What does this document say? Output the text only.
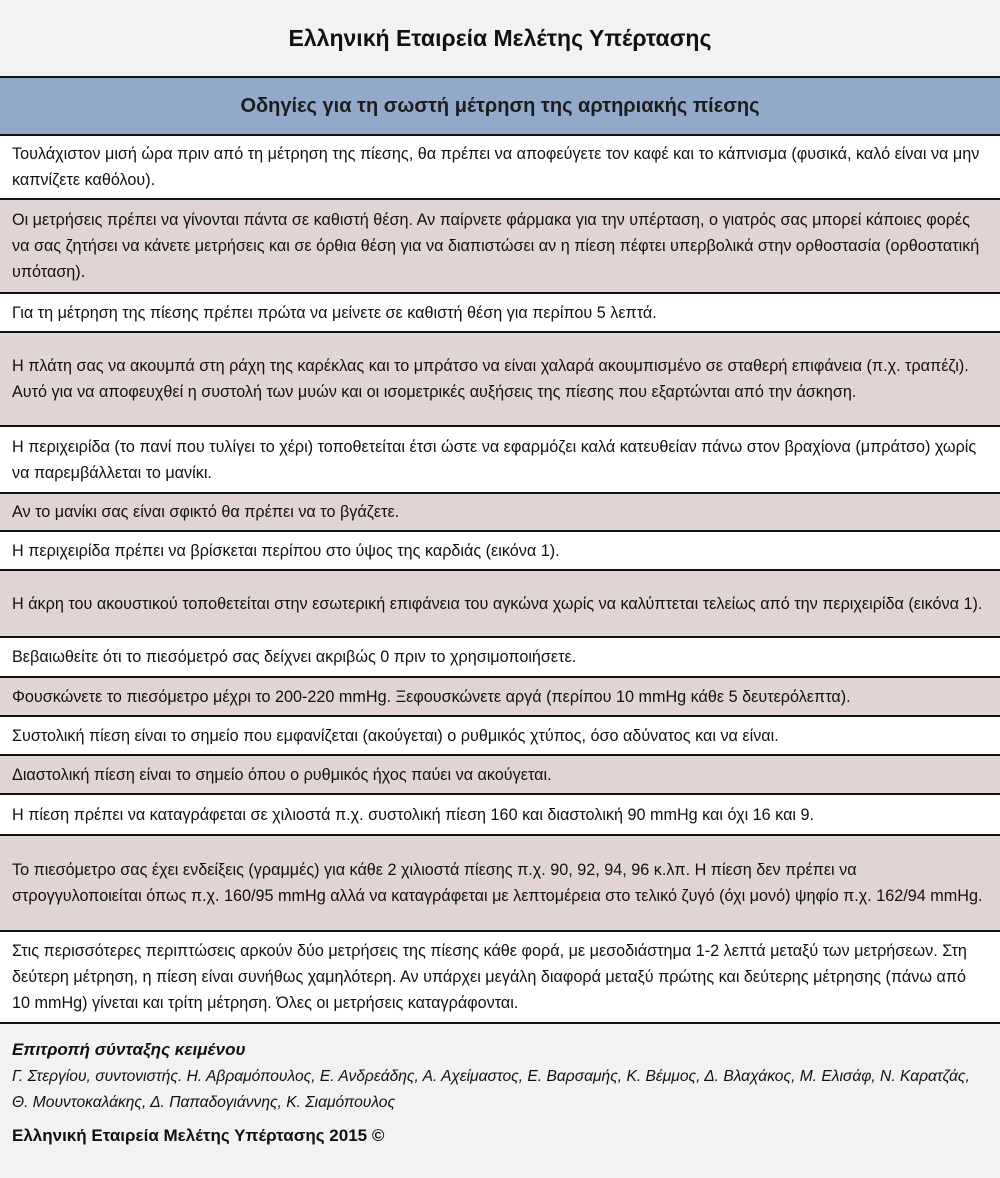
Ελληνική Εταιρεία Μελέτης Υπέρτασης
Οδηγίες για τη σωστή μέτρηση της αρτηριακής πίεσης
Τουλάχιστον μισή ώρα πριν από τη μέτρηση της πίεσης, θα πρέπει να αποφεύγετε τον καφέ και το κάπνισμα (φυσικά, καλό είναι να μην καπνίζετε καθόλου).
Οι μετρήσεις πρέπει να γίνονται πάντα σε καθιστή θέση. Αν παίρνετε φάρμακα για την υπέρταση, ο γιατρός σας μπορεί κάποιες φορές να σας ζητήσει να κάνετε μετρήσεις και σε όρθια θέση για να διαπιστώσει αν η πίεση πέφτει υπερβολικά στην ορθοστασία (ορθοστατική υπόταση).
Για τη μέτρηση της πίεσης πρέπει πρώτα να μείνετε σε καθιστή θέση για περίπου 5 λεπτά.
Η πλάτη σας να ακουμπά στη ράχη της καρέκλας και το μπράτσο να είναι χαλαρά ακουμπισμένο σε σταθερή επιφάνεια (π.χ. τραπέζι). Αυτό για να αποφευχθεί η συστολή των μυών και οι ισομετρικές αυξήσεις της πίεσης που εξαρτώνται από την άσκηση.
Η περιχειρίδα (το πανί που τυλίγει το χέρι) τοποθετείται έτσι ώστε να εφαρμόζει καλά κατευθείαν πάνω στον βραχίονα (μπράτσο) χωρίς να παρεμβάλλεται το μανίκι.
Αν το μανίκι σας είναι σφικτό θα πρέπει να το βγάζετε.
Η περιχειρίδα πρέπει να βρίσκεται περίπου στο ύψος της καρδιάς (εικόνα 1).
Η άκρη του ακουστικού τοποθετείται στην εσωτερική επιφάνεια του αγκώνα χωρίς να καλύπτεται τελείως από την περιχειρίδα (εικόνα 1).
Βεβαιωθείτε ότι το πιεσόμετρό σας δείχνει ακριβώς 0 πριν το χρησιμοποιήσετε.
Φουσκώνετε το πιεσόμετρο μέχρι το 200-220 mmHg. Ξεφουσκώνετε αργά (περίπου 10 mmHg κάθε 5 δευτερόλεπτα).
Συστολική πίεση είναι το σημείο που εμφανίζεται (ακούγεται) ο ρυθμικός χτύπος, όσο αδύνατος και να είναι.
Διαστολική πίεση είναι το σημείο όπου ο ρυθμικός ήχος παύει να ακούγεται.
Η πίεση πρέπει να καταγράφεται σε χιλιοστά π.χ. συστολική πίεση 160 και διαστολική 90 mmHg και όχι 16 και 9.
Το πιεσόμετρο σας έχει ενδείξεις (γραμμές) για κάθε 2 χιλιοστά πίεσης π.χ. 90, 92, 94, 96 κ.λπ. Η πίεση δεν πρέπει να στρογγυλοποιείται όπως π.χ. 160/95 mmHg αλλά να καταγράφεται με λεπτομέρεια στο τελικό ζυγό (όχι μονό) ψηφίο π.χ. 162/94 mmHg.
Στις περισσότερες περιπτώσεις αρκούν δύο μετρήσεις της πίεσης κάθε φορά, με μεσοδιάστημα 1-2 λεπτά μεταξύ των μετρήσεων. Στη δεύτερη μέτρηση, η πίεση είναι συνήθως χαμηλότερη. Αν υπάρχει μεγάλη διαφορά μεταξύ πρώτης και δεύτερης μέτρησης (πάνω από 10 mmHg) γίνεται και τρίτη μέτρηση. Όλες οι μετρήσεις καταγράφονται.
Επιτροπή σύνταξης κειμένου
Γ. Στεργίου, συντονιστής. Η. Αβραμόπουλος, Ε. Ανδρεάδης, Α. Αχείμαστος, Ε. Βαρσαμής, Κ. Βέμμος, Δ. Βλαχάκος, Μ. Ελισάφ, Ν. Καρατζάς, Θ. Μουντοκαλάκης, Δ. Παπαδογιάννης, Κ. Σιαμόπουλος
Ελληνική Εταιρεία Μελέτης Υπέρτασης 2015 ©
